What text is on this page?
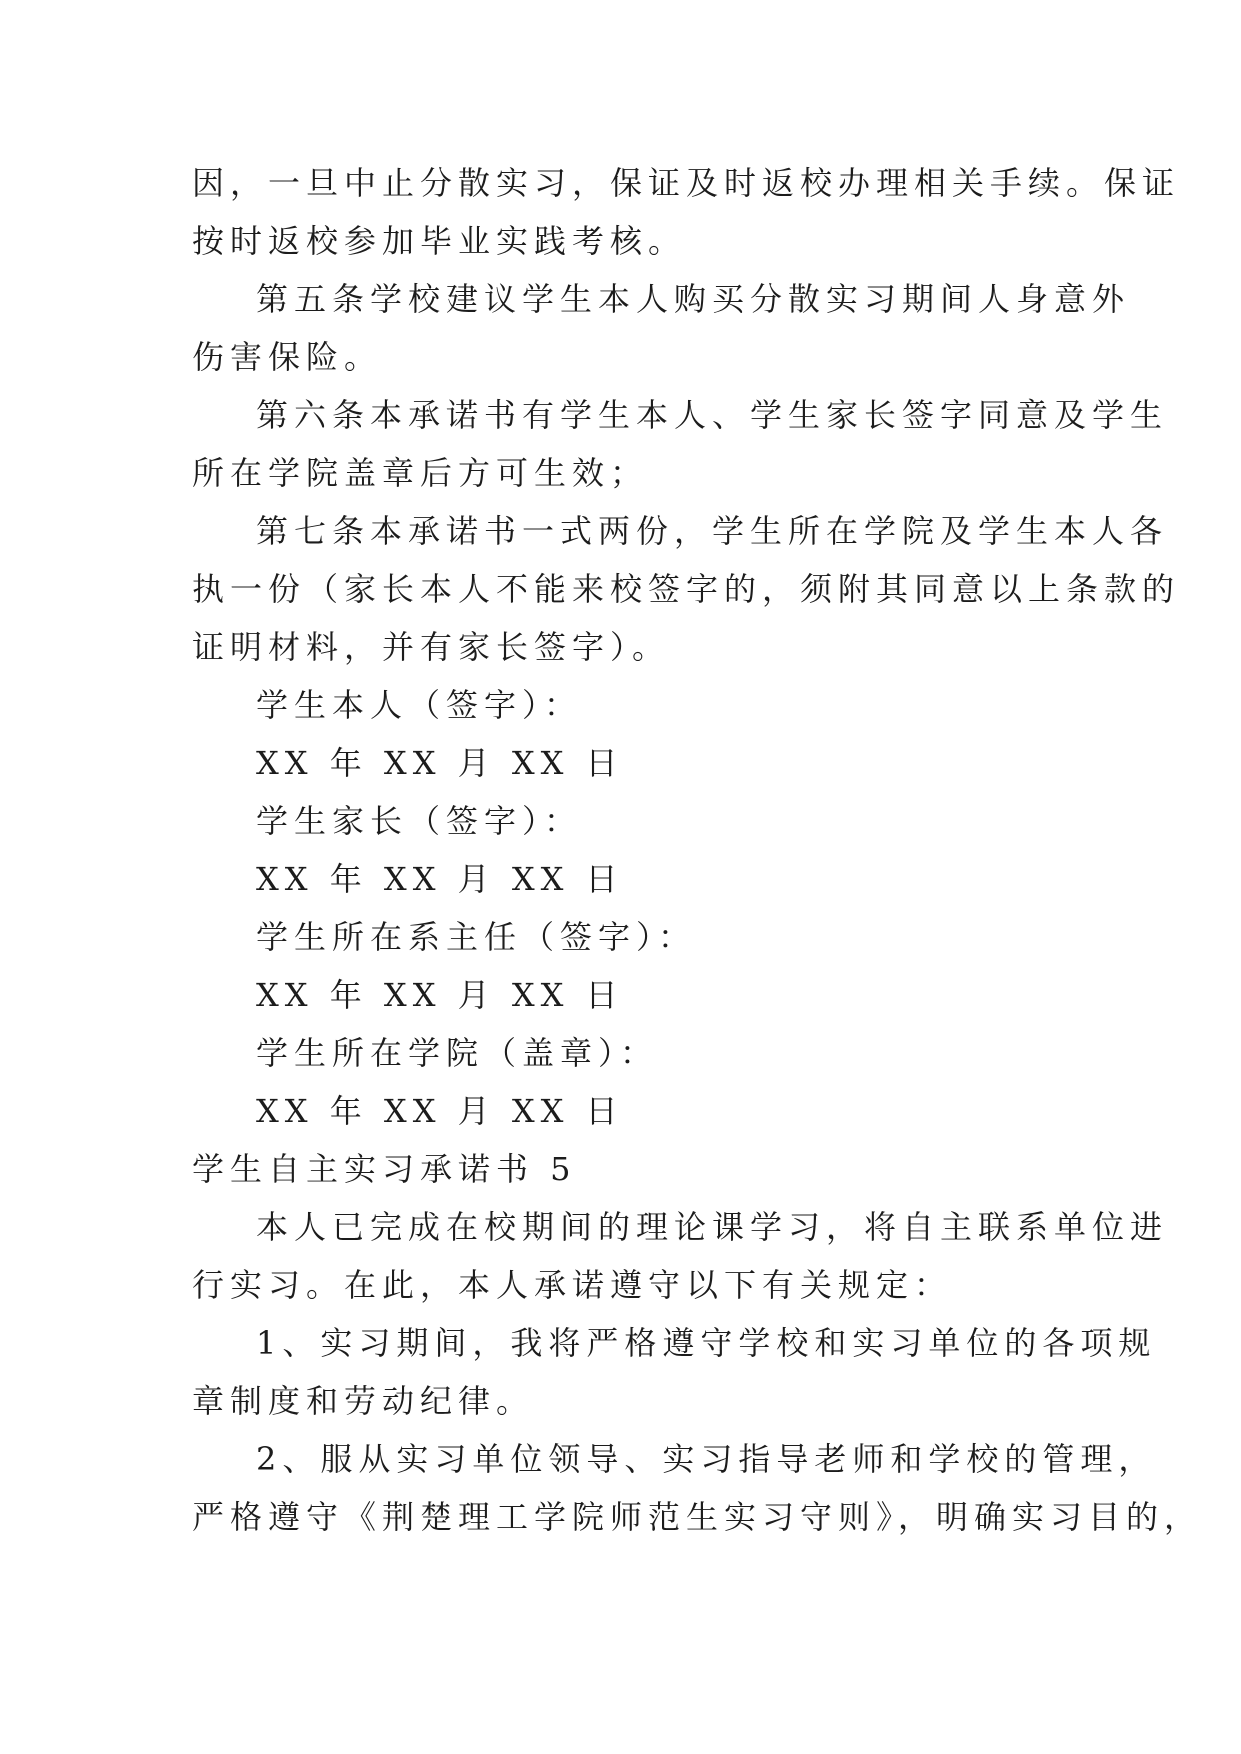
因，一旦中止分散实习，保证及时返校办理相关手续。保证

按时返校参加毕业实践考核。

第五条学校建议学生本人购买分散实习期间人身意外

伤害保险。

第六条本承诺书有学生本人、学生家长签字同意及学生

所在学院盖章后方可生效；

第七条本承诺书一式两份，学生所在学院及学生本人各

执一份（家长本人不能来校签字的，须附其同意以上条款的

证明材料，并有家长签字）。

学生本人（签字）：

XX 年 XX 月 XX 日

学生家长（签字）：

XX 年 XX 月 XX 日

学生所在系主任（签字）：

XX 年 XX 月 XX 日

学生所在学院（盖章）：

XX 年 XX 月 XX 日

学生自主实习承诺书 5

本人已完成在校期间的理论课学习，将自主联系单位进

行实习。在此，本人承诺遵守以下有关规定：

1、实习期间，我将严格遵守学校和实习单位的各项规

章制度和劳动纪律。

2、服从实习单位领导、实习指导老师和学校的管理，

严格遵守《荆楚理工学院师范生实习守则》，明确实习目的，
